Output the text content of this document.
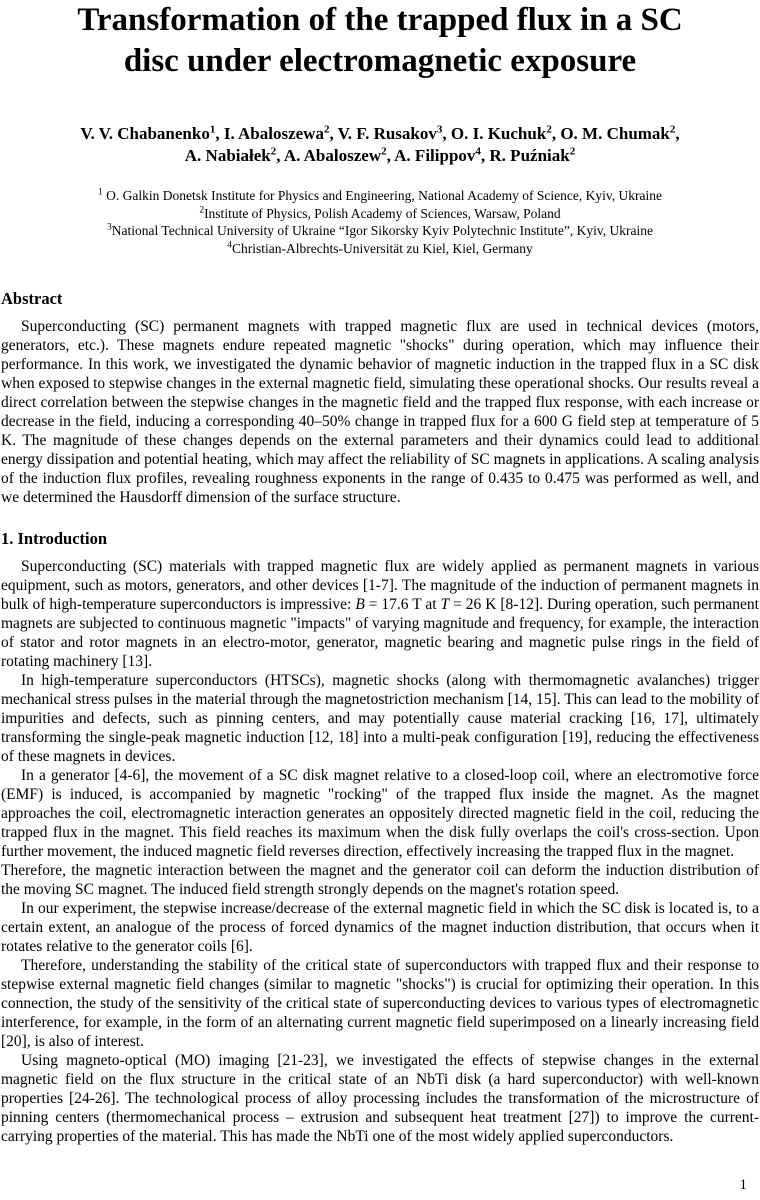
Transformation of the trapped flux in a SC
disc under electromagnetic exposure
V. V. Chabanenko$^1$, I. Abaloszewa$^2$, V. F. Rusakov$^3$, O. I. Kuchuk$^2$, O. M. Chumak$^2$,
A. Nabiałek$^2$, A. Abaloszew$^2$, A. Filippov$^4$, R. Puźniak$^2$
$^1$ O. Galkin Donetsk Institute for Physics and Engineering, National Academy of Science, Kyiv, Ukraine
$^2$Institute of Physics, Polish Academy of Sciences, Warsaw, Poland
$^3$National Technical University of Ukraine “Igor Sikorsky Kyiv Polytechnic Institute”, Kyiv, Ukraine
$^4$Christian-Albrechts-Universität zu Kiel, Kiel, Germany
Abstract

Superconducting (SC) permanent magnets with trapped magnetic flux are used in technical devices (motors, generators, etc.). These magnets endure repeated magnetic "shocks" during operation, which may influence their performance. In this work, we investigated the dynamic behavior of magnetic induction in the trapped flux in a SC disk when exposed to stepwise changes in the external magnetic field, simulating these operational shocks. Our results reveal a direct correlation between the stepwise changes in the magnetic field and the trapped flux response, with each increase or decrease in the field, inducing a corresponding 40–50% change in trapped flux for a 600 G field step at temperature of 5 K. The magnitude of these changes depends on the external parameters and their dynamics could lead to additional energy dissipation and potential heating, which may affect the reliability of SC magnets in applications. A scaling analysis of the induction flux profiles, revealing roughness exponents in the range of 0.435 to 0.475 was performed as well, and we determined the Hausdorff dimension of the surface structure.

1. Introduction

Superconducting (SC) materials with trapped magnetic flux are widely applied as permanent magnets in various equipment, such as motors, generators, and other devices [1-7]. The magnitude of the induction of permanent magnets in bulk of high-temperature superconductors is impressive: B = 17.6 T at T = 26 K [8-12]. During operation, such permanent magnets are subjected to continuous magnetic "impacts" of varying magnitude and frequency, for example, the interaction of stator and rotor magnets in an electro-motor, generator, magnetic bearing and magnetic pulse rings in the field of rotating machinery [13].

In high-temperature superconductors (HTSCs), magnetic shocks (along with thermomagnetic avalanches) trigger mechanical stress pulses in the material through the magnetostriction mechanism [14, 15]. This can lead to the mobility of impurities and defects, such as pinning centers, and may potentially cause material cracking [16, 17], ultimately transforming the single-peak magnetic induction [12, 18] into a multi-peak configuration [19], reducing the effectiveness of these magnets in devices.

In a generator [4-6], the movement of a SC disk magnet relative to a closed-loop coil, where an electromotive force (EMF) is induced, is accompanied by magnetic "rocking" of the trapped flux inside the magnet. As the magnet approaches the coil, electromagnetic interaction generates an oppositely directed magnetic field in the coil, reducing the trapped flux in the magnet. This field reaches its maximum when the disk fully overlaps the coil's cross-section. Upon further movement, the induced magnetic field reverses direction, effectively increasing the trapped flux in the magnet.

Therefore, the magnetic interaction between the magnet and the generator coil can deform the induction distribution of the moving SC magnet. The induced field strength strongly depends on the magnet's rotation speed.

In our experiment, the stepwise increase/decrease of the external magnetic field in which the SC disk is located is, to a certain extent, an analogue of the process of forced dynamics of the magnet induction distribution, that occurs when it rotates relative to the generator coils [6].

Therefore, understanding the stability of the critical state of superconductors with trapped flux and their response to stepwise external magnetic field changes (similar to magnetic "shocks") is crucial for optimizing their operation. In this connection, the study of the sensitivity of the critical state of superconducting devices to various types of electromagnetic interference, for example, in the form of an alternating current magnetic field superimposed on a linearly increasing field [20], is also of interest.

Using magneto-optical (MO) imaging [21-23], we investigated the effects of stepwise changes in the external magnetic field on the flux structure in the critical state of an NbTi disk (a hard superconductor) with well-known properties [24-26]. The technological process of alloy processing includes the transformation of the microstructure of pinning centers (thermomechanical process – extrusion and subsequent heat treatment [27]) to improve the current-carrying properties of the material. This has made the NbTi one of the most widely applied superconductors.

1
